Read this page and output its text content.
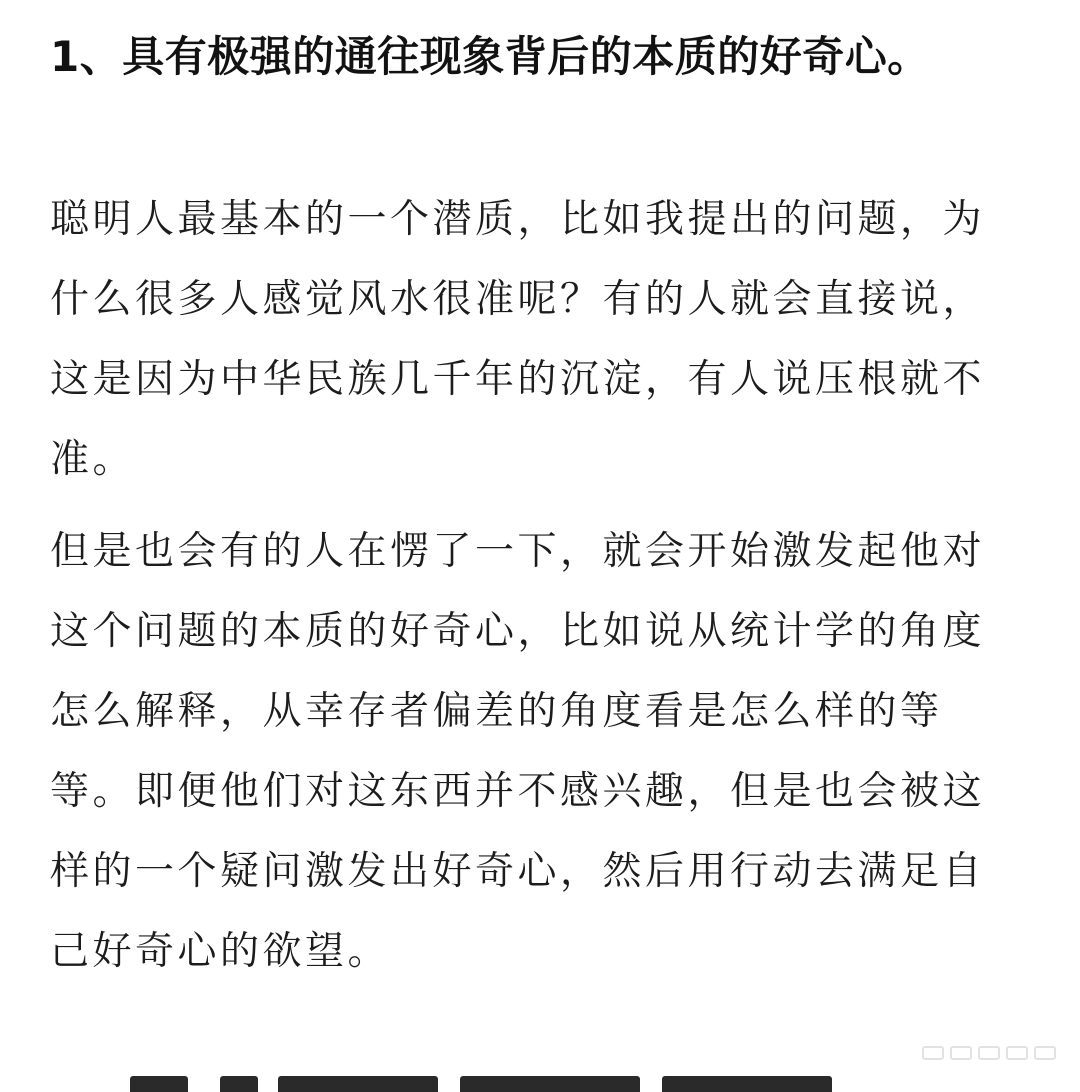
1、具有极强的通往现象背后的本质的好奇心。

聪明人最基本的一个潜质，比如我提出的问题，为什么很多人感觉风水很准呢？有的人就会直接说，这是因为中华民族几千年的沉淀，有人说压根就不准。

但是也会有的人在愣了一下，就会开始激发起他对这个问题的本质的好奇心，比如说从统计学的角度怎么解释，从幸存者偏差的角度看是怎么样的等等。即便他们对这东西并不感兴趣，但是也会被这样的一个疑问激发出好奇心，然后用行动去满足自己好奇心的欲望。
